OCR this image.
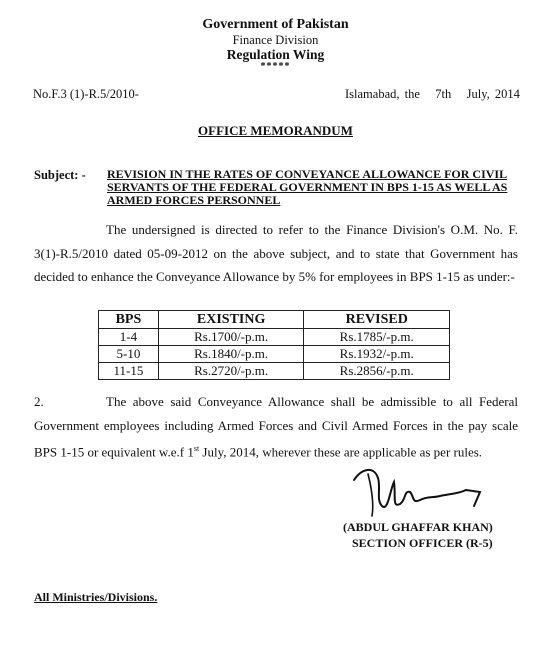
Government of Pakistan
Finance Division
Regulation Wing
*****
No.F.3 (1)-R.5/2010-	Islamabad, the   7th   July, 2014
OFFICE MEMORANDUM
Subject: - REVISION IN THE RATES OF CONVEYANCE ALLOWANCE FOR CIVIL SERVANTS OF THE FEDERAL GOVERNMENT IN BPS 1-15 AS WELL AS ARMED FORCES PERSONNEL
The undersigned is directed to refer to the Finance Division's O.M. No. F. 3(1)-R.5/2010 dated 05-09-2012 on the above subject, and to state that Government has decided to enhance the Conveyance Allowance by 5% for employees in BPS 1-15 as under:-
BPS	EXISTING	REVISED
1-4	Rs.1700/-p.m.	Rs.1785/-p.m.
5-10	Rs.1840/-p.m.	Rs.1932/-p.m.
11-15	Rs.2720/-p.m.	Rs.2856/-p.m.
2.	The above said Conveyance Allowance shall be admissible to all Federal Government employees including Armed Forces and Civil Armed Forces in the pay scale BPS 1-15 or equivalent w.e.f 1st July, 2014, wherever these are applicable as per rules.
(ABDUL GHAFFAR KHAN)
SECTION OFFICER (R-5)
All Ministries/Divisions.
